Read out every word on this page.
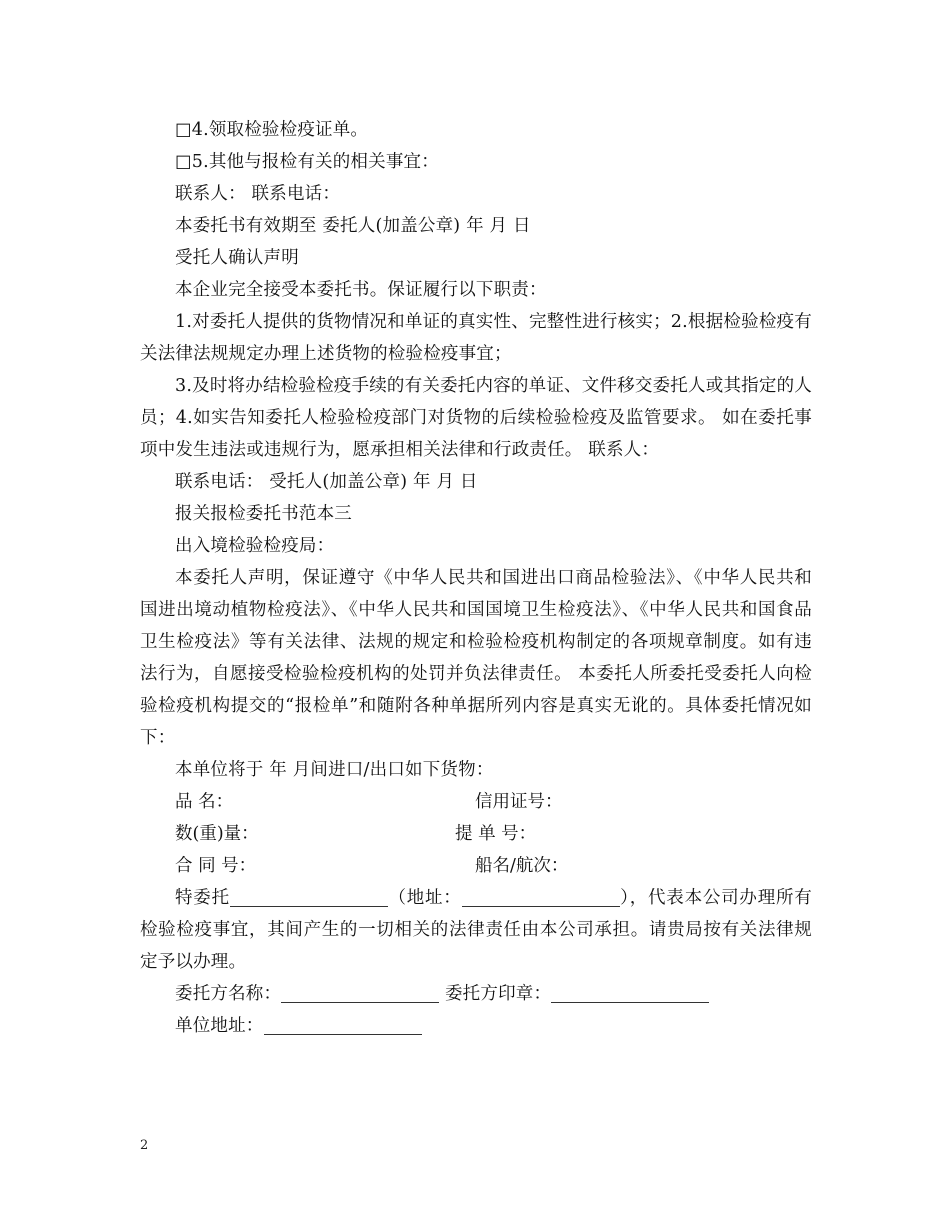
□4.领取检验检疫证单。

□5.其他与报检有关的相关事宜：

联系人： 联系电话：

本委托书有效期至 委托人(加盖公章) 年 月 日

受托人确认声明

本企业完全接受本委托书。保证履行以下职责：

1.对委托人提供的货物情况和单证的真实性、完整性进行核实；2.根据检验检疫有关法律法规规定办理上述货物的检验检疫事宜；

3.及时将办结检验检疫手续的有关委托内容的单证、文件移交委托人或其指定的人员；4.如实告知委托人检验检疫部门对货物的后续检验检疫及监管要求。 如在委托事项中发生违法或违规行为，愿承担相关法律和行政责任。 联系人：

联系电话： 受托人(加盖公章) 年 月 日

报关报检委托书范本三

出入境检验检疫局：

本委托人声明，保证遵守《中华人民共和国进出口商品检验法》、《中华人民共和国进出境动植物检疫法》、《中华人民共和国国境卫生检疫法》、《中华人民共和国食品卫生检疫法》等有关法律、法规的规定和检验检疫机构制定的各项规章制度。如有违法行为，自愿接受检验检疫机构的处罚并负法律责任。 本委托人所委托受委托人向检验检疫机构提交的“报检单”和随附各种单据所列内容是真实无讹的。具体委托情况如下：

本单位将于 年 月间进口/出口如下货物：

品 名：	信用证号：
数(重)量：	提 单 号：
合 同 号：	船名/航次：

特委托	（地址：	），代表本公司办理所有检验检疫事宜，其间产生的一切相关的法律责任由本公司承担。请贵局按有关法律规定予以办理。

委托方名称：	委托方印章：

单位地址：

2
